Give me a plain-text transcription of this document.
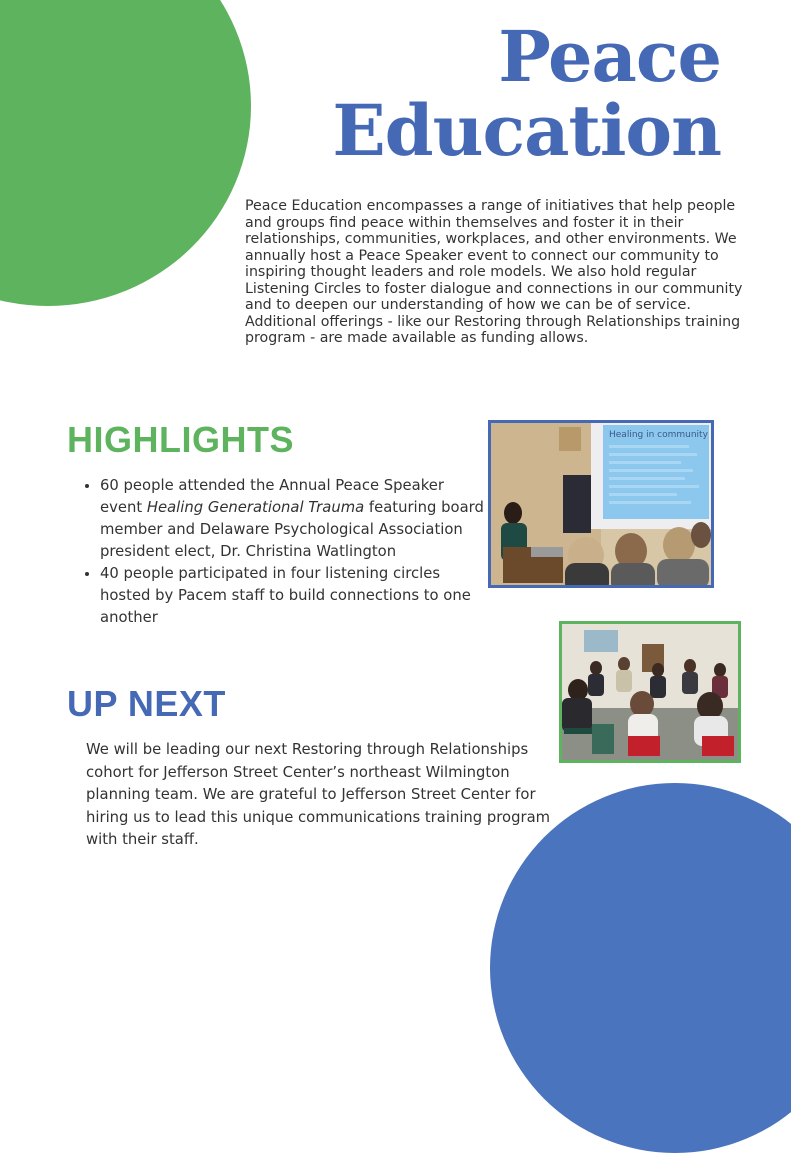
Peace
Education

Peace Education encompasses a range of initiatives that help people and groups find peace within themselves and foster it in their relationships, communities, workplaces, and other environments. We annually host a Peace Speaker event to connect our community to inspiring thought leaders and role models. We also hold regular Listening Circles to foster dialogue and connections in our community and to deepen our understanding of how we can be of service. Additional offerings - like our Restoring through Relationships training program - are made available as funding allows.

HIGHLIGHTS
• 60 people attended the Annual Peace Speaker event Healing Generational Trauma featuring board member and Delaware Psychological Association president elect, Dr. Christina Watlington
• 40 people participated in four listening circles hosted by Pacem staff to build connections to one another
UP NEXT

We will be leading our next Restoring through Relationships cohort for Jefferson Street Center’s northeast Wilmington planning team. We are grateful to Jefferson Street Center for hiring us to lead this unique communications training program with their staff.

Healing in community
